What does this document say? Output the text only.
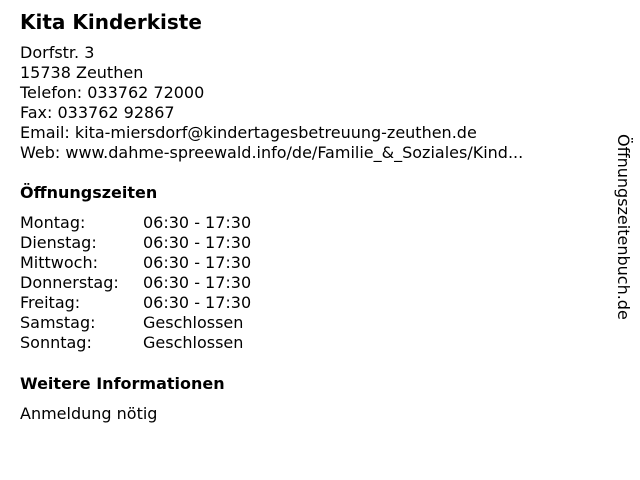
Kita Kinderkiste
Dorfstr. 3
15738 Zeuthen
Telefon: 033762 72000
Fax: 033762 92867
Email: kita-miersdorf@kindertagesbetreuung-zeuthen.de
Web: www.dahme-spreewald.info/de/Familie_&_Soziales/Kind...
Öffnungszeiten
Montag:	06:30 - 17:30
Dienstag:	06:30 - 17:30
Mittwoch:	06:30 - 17:30
Donnerstag: 06:30 - 17:30
Freitag:	06:30 - 17:30
Samstag:	Geschlossen
Sonntag:	Geschlossen
Weitere Informationen
Anmeldung nötig
Öffnungszeitenbuch.de
